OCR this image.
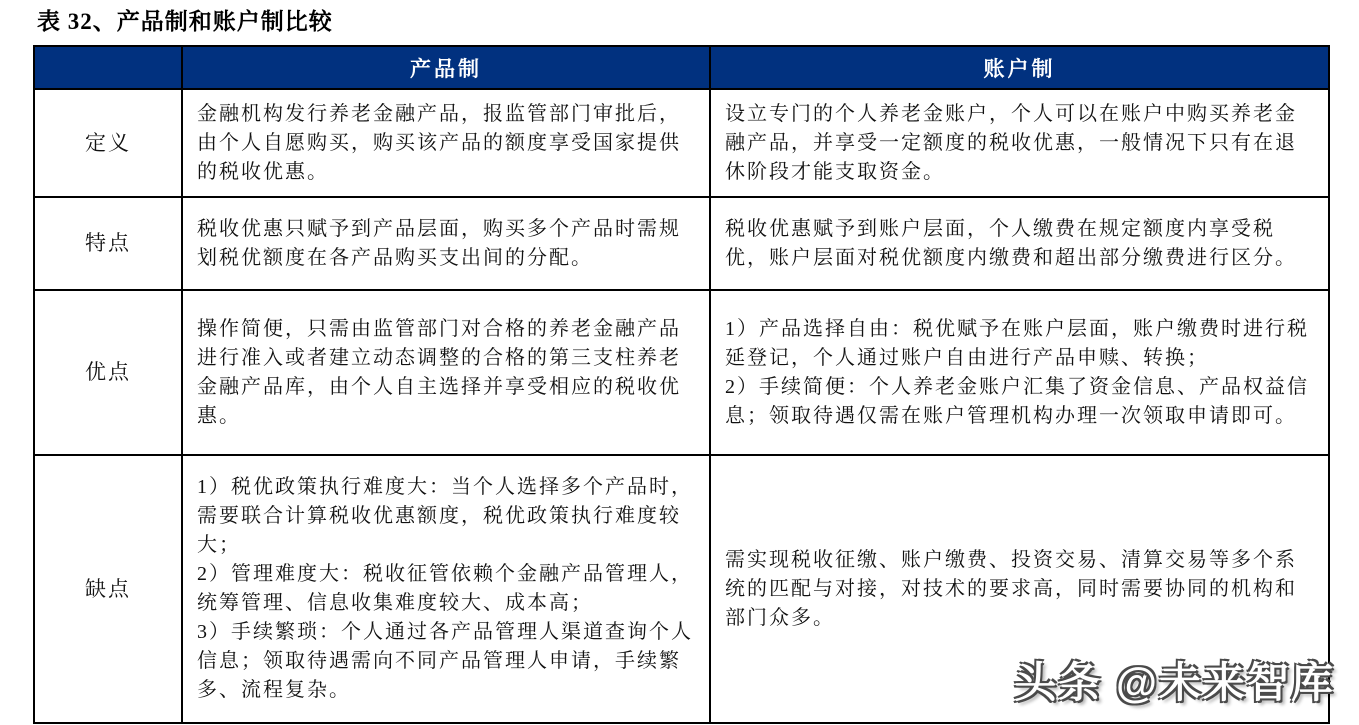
表 32、产品制和账户制比较
	产品制	账户制
定义	金融机构发行养老金融产品，报监管部门审批后，由个人自愿购买，购买该产品的额度享受国家提供的税收优惠。	设立专门的个人养老金账户，个人可以在账户中购买养老金融产品，并享受一定额度的税收优惠，一般情况下只有在退休阶段才能支取资金。

特点	税收优惠只赋予到产品层面，购买多个产品时需规划税优额度在各产品购买支出间的分配。	税收优惠赋予到账户层面，个人缴费在规定额度内享受税优，账户层面对税优额度内缴费和超出部分缴费进行区分。

优点	操作简便，只需由监管部门对合格的养老金融产品进行准入或者建立动态调整的合格的第三支柱养老金融产品库，由个人自主选择并享受相应的税收优惠。	1）产品选择自由：税优赋予在账户层面，账户缴费时进行税延登记，个人通过账户自由进行产品申赎、转换；

2）手续简便：个人养老金账户汇集了资金信息、产品权益信息；领取待遇仅需在账户管理机构办理一次领取申请即可。

缺点	1）税优政策执行难度大：当个人选择多个产品时，需要联合计算税收优惠额度，税优政策执行难度较大；

2）管理难度大：税收征管依赖个金融产品管理人，统筹管理、信息收集难度较大、成本高；

3）手续繁琐：个人通过各产品管理人渠道查询个人信息；领取待遇需向不同产品管理人申请，手续繁多、流程复杂。	需实现税收征缴、账户缴费、投资交易、清算交易等多个系统的匹配与对接，对技术的要求高，同时需要协同的机构和部门众多。

头条 @未来智库
